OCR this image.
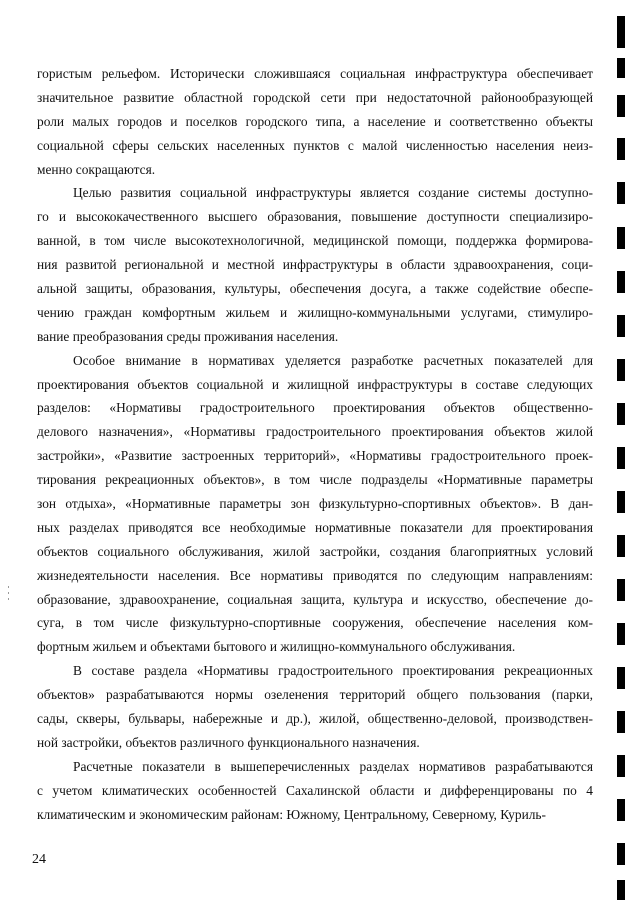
гористым рельефом. Исторически сложившаяся социальная инфраструктура обеспечивает
значительное развитие областной городской сети при недостаточной районообразующей
роли малых городов и поселков городского типа, а население и соответственно объекты
социальной сферы сельских населенных пунктов с малой численностью населения неиз-
менно сокращаются.
Целью развития социальной инфраструктуры является создание системы доступно-
го и высококачественного высшего образования, повышение доступности специализиро-
ванной, в том числе высокотехнологичной, медицинской помощи, поддержка формирова-
ния развитой региональной и местной инфраструктуры в области здравоохранения, соци-
альной защиты, образования, культуры, обеспечения досуга, а также содействие обеспе-
чению граждан комфортным жильем и жилищно-коммунальными услугами, стимулиро-
вание преобразования среды проживания населения.
Особое внимание в нормативах уделяется разработке расчетных показателей для
проектирования объектов социальной и жилищной инфраструктуры в составе следующих
разделов: «Нормативы градостроительного проектирования объектов общественно-
делового назначения», «Нормативы градостроительного проектирования объектов жилой
застройки», «Развитие застроенных территорий», «Нормативы градостроительного проек-
тирования рекреационных объектов», в том числе подразделы «Нормативные параметры
зон отдыха», «Нормативные параметры зон физкультурно-спортивных объектов». В дан-
ных разделах приводятся все необходимые нормативные показатели для проектирования
объектов социального обслуживания, жилой застройки, создания благоприятных условий
жизнедеятельности населения. Все нормативы приводятся по следующим направлениям:
образование, здравоохранение, социальная защита, культура и искусство, обеспечение до-
суга, в том числе физкультурно-спортивные сооружения, обеспечение населения ком-
фортным жильем и объектами бытового и жилищно-коммунального обслуживания.
В составе раздела «Нормативы градостроительного проектирования рекреационных
объектов» разрабатываются нормы озеленения территорий общего пользования (парки,
сады, скверы, бульвары, набережные и др.), жилой, общественно-деловой, производствен-
ной застройки, объектов различного функционального назначения.
Расчетные показатели в вышеперечисленных разделах нормативов разрабатываются
с учетом климатических особенностей Сахалинской области и дифференцированы по 4
климатическим и экономическим районам: Южному, Центральному, Северному, Куриль-
24
